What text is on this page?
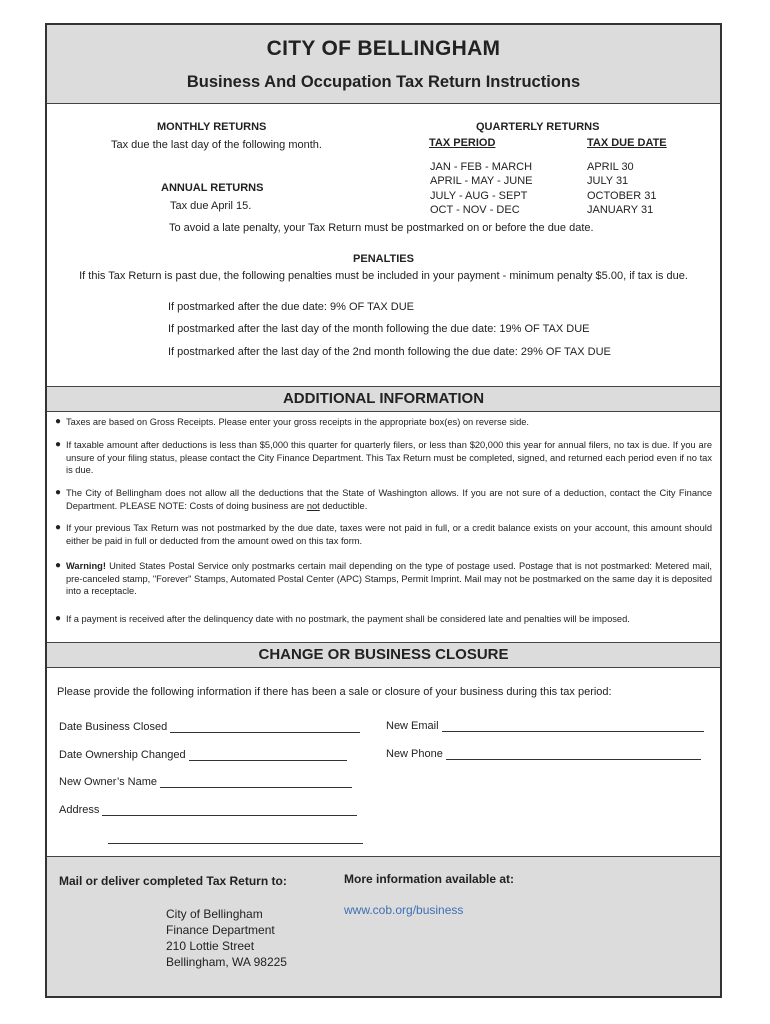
CITY OF BELLINGHAM
Business And Occupation Tax Return Instructions
MONTHLY RETURNS
Tax due the last day of the following month.
ANNUAL RETURNS
Tax due April 15.
QUARTERLY RETURNS
TAX PERIOD	TAX DUE DATE
JAN - FEB - MARCH	APRIL 30
APRIL - MAY - JUNE	JULY 31
JULY - AUG - SEPT	OCTOBER 31
OCT - NOV - DEC	JANUARY 31
To avoid a late penalty, your Tax Return must be postmarked on or before the due date.
PENALTIES
If this Tax Return is past due, the following penalties must be included in your payment - minimum penalty $5.00, if tax is due.
If postmarked after the due date: 9% OF TAX DUE
If postmarked after the last day of the month following the due date: 19% OF TAX DUE
If postmarked after the last day of the 2nd month following the due date: 29% OF TAX DUE
ADDITIONAL INFORMATION
● Taxes are based on Gross Receipts. Please enter your gross receipts in the appropriate box(es) on reverse side.
● If taxable amount after deductions is less than $5,000 this quarter for quarterly filers, or less than $20,000 this year for annual filers, no tax is due. If you are unsure of your filing status, please contact the City Finance Department. This Tax Return must be completed, signed, and returned each period even if no tax is due.
● The City of Bellingham does not allow all the deductions that the State of Washington allows. If you are not sure of a deduction, contact the City Finance Department. PLEASE NOTE: Costs of doing business are not deductible.
● If your previous Tax Return was not postmarked by the due date, taxes were not paid in full, or a credit balance exists on your account, this amount should either be paid in full or deducted from the amount owed on this tax form.
● Warning! United States Postal Service only postmarks certain mail depending on the type of postage used. Postage that is not postmarked: Metered mail, pre-canceled stamp, "Forever" Stamps, Automated Postal Center (APC) Stamps, Permit Imprint. Mail may not be postmarked on the same day it is deposited into a receptacle.
● If a payment is received after the delinquency date with no postmark, the payment shall be considered late and penalties will be imposed.
CHANGE OR BUSINESS CLOSURE
Please provide the following information if there has been a sale or closure of your business during this tax period:
Date Business Closed
Date Ownership Changed
New Owner’s Name
Address
New Email
New Phone
Mail or deliver completed Tax Return to:
City of Bellingham
Finance Department
210 Lottie Street
Bellingham, WA 98225
More information available at:
www.cob.org/business
